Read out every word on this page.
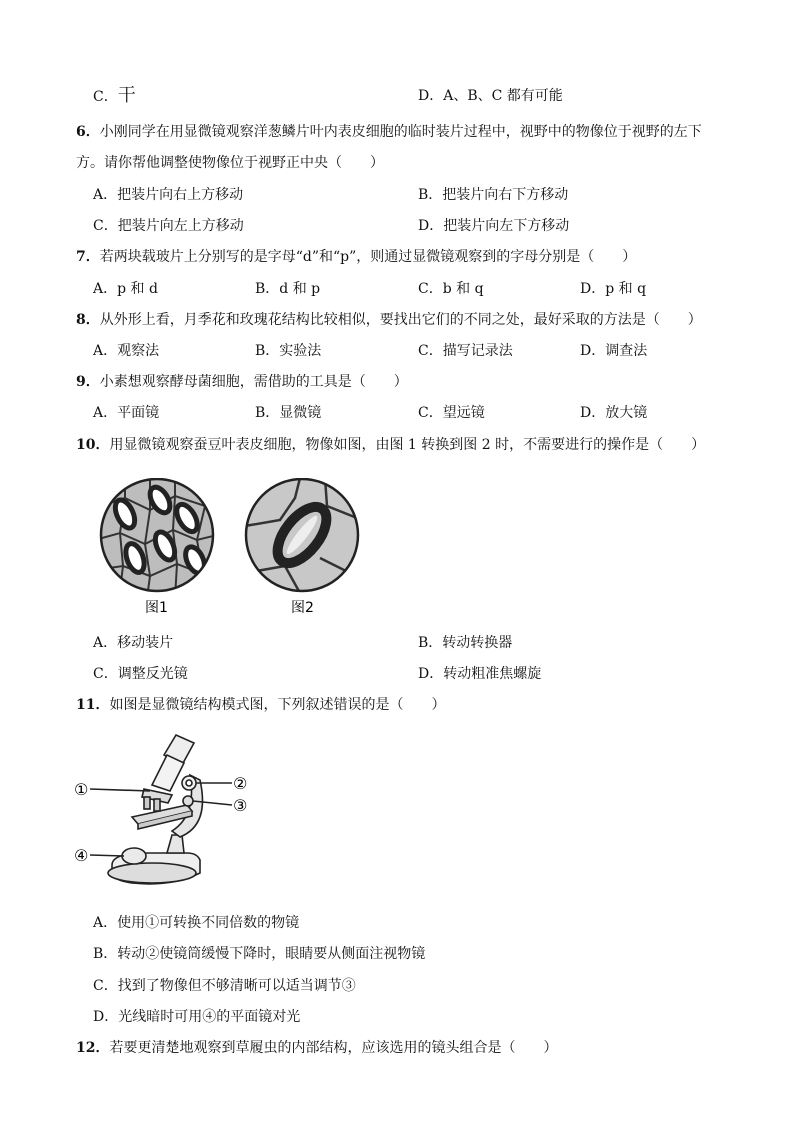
C．干	D．A、B、C 都有可能
6．小刚同学在用显微镜观察洋葱鳞片叶内表皮细胞的临时装片过程中，视野中的物像位于视野的左下
方。请你帮他调整使物像位于视野正中央（　　）
A．把装片向右上方移动	B．把装片向右下方移动
C．把装片向左上方移动	D．把装片向左下方移动
7．若两块载玻片上分别写的是字母“d”和“p”，则通过显微镜观察到的字母分别是（　　）
A．p 和 d	B．d 和 p	C．b 和 q	D．p 和 q
8．从外形上看，月季花和玫瑰花结构比较相似，要找出它们的不同之处，最好采取的方法是（　　）
A．观察法	B．实验法	C．描写记录法	D．调查法
9．小素想观察酵母菌细胞，需借助的工具是（　　）
A．平面镜	B．显微镜	C．望远镜	D．放大镜
10．用显微镜观察蚕豆叶表皮细胞，物像如图，由图 1 转换到图 2 时，不需要进行的操作是（　　）
图1	图2
A．移动装片	B．转动转换器
C．调整反光镜	D．转动粗准焦螺旋
11．如图是显微镜结构模式图，下列叙述错误的是（　　）
①	②
③
④
A．使用①可转换不同倍数的物镜
B．转动②使镜筒缓慢下降时，眼睛要从侧面注视物镜
C．找到了物像但不够清晰可以适当调节③
D．光线暗时可用④的平面镜对光
12．若要更清楚地观察到草履虫的内部结构，应该选用的镜头组合是（　　）
